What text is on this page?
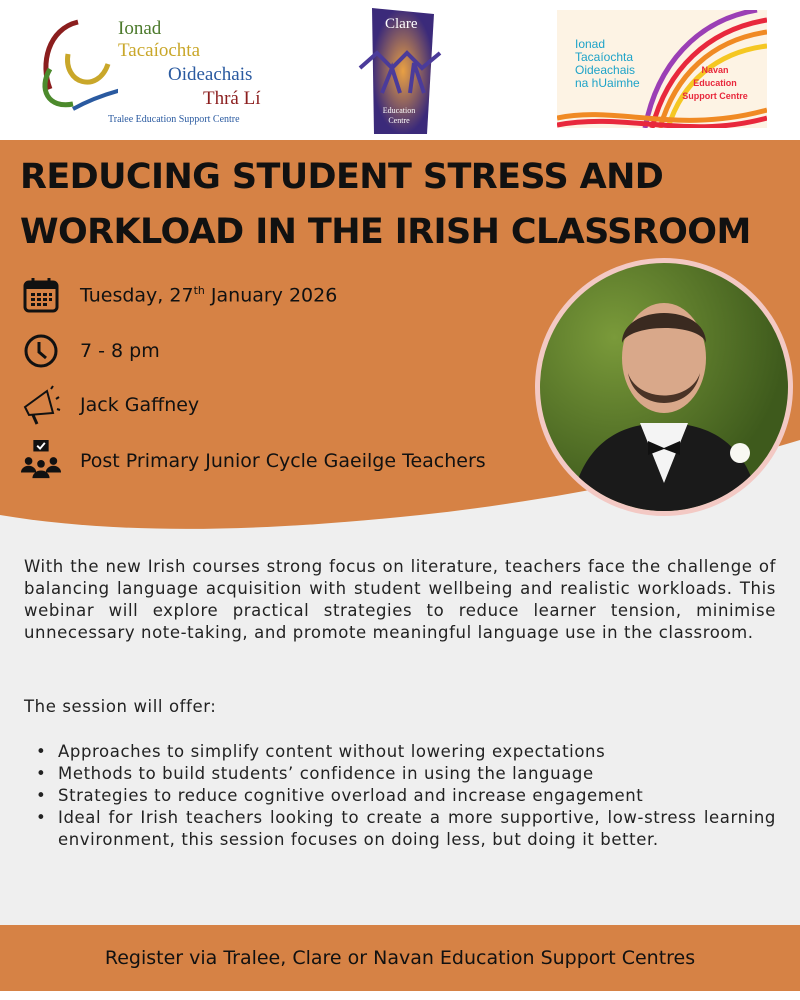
Ionad
Tacaíochta
Oideachais
Thrá Lí
Tralee Education Support Centre
Clare
Education Centre
Ionad
Tacaíochta
Oideachais
na hUaimhe
Navan
Education
Support Centre
REDUCING STUDENT STRESS AND
WORKLOAD IN THE IRISH CLASSROOM
Tuesday, 27th January 2026
7 - 8 pm
Jack Gaffney
Post Primary Junior Cycle Gaeilge Teachers

With the new Irish courses strong focus on literature, teachers face the challenge of balancing language acquisition with student wellbeing and realistic workloads. This webinar will explore practical strategies to reduce learner tension, minimise unnecessary note-taking, and promote meaningful language use in the classroom.

The session will offer:

• Approaches to simplify content without lowering expectations
• Methods to build students’ confidence in using the language
• Strategies to reduce cognitive overload and increase engagement
• Ideal for Irish teachers looking to create a more supportive, low-stress learning environment, this session focuses on doing less, but doing it better.
Register via Tralee, Clare or Navan Education Support Centres
